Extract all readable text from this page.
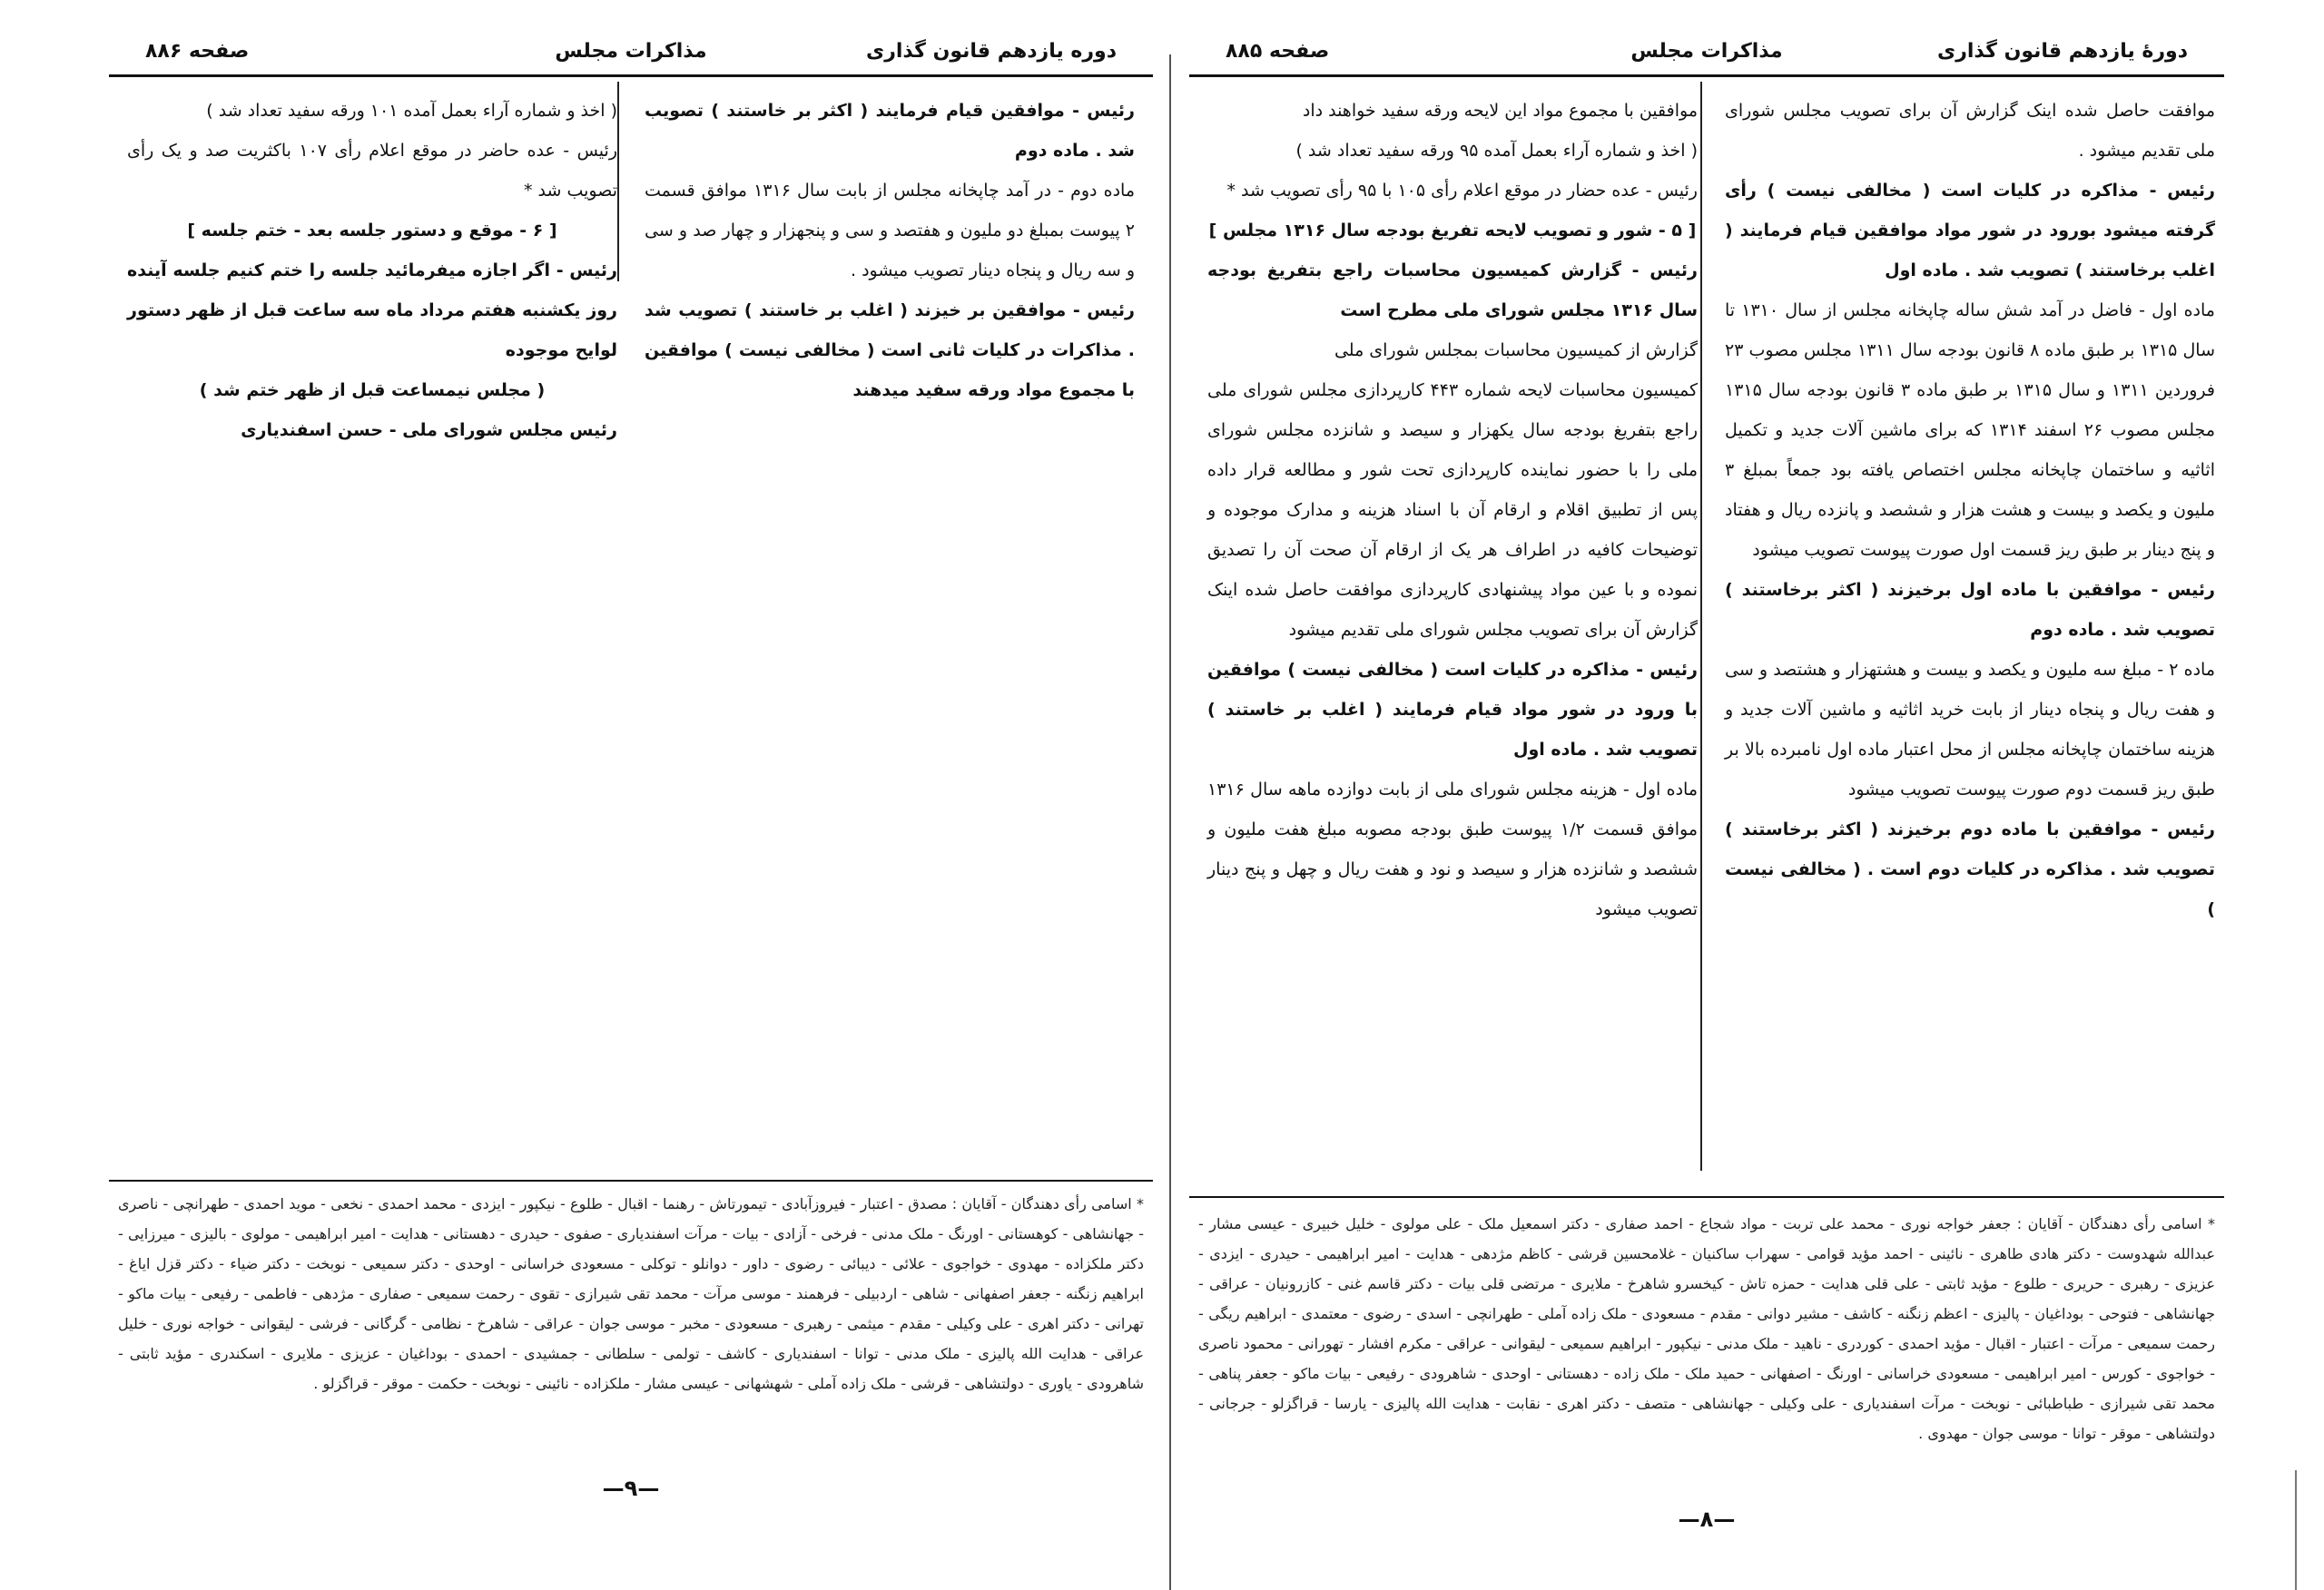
صفحه ۸۸۶	مذاکرات مجلس	دوره یازدهم قانون گذاری

رئیس - موافقین قیام فرمایند ( اکثر بر خاستند ) تصویب شد . ماده دوم

ماده دوم - در آمد چاپخانه مجلس از بابت سال ۱۳۱۶ موافق قسمت ۲ پیوست بمبلغ دو ملیون و هفتصد و سی و پنجهزار و چهار صد و سی و سه ریال و پنجاه دینار تصویب میشود .

رئیس - موافقین بر خیزند ( اغلب بر خاستند ) تصویب شد . مذاکرات در کلیات ثانی است ( مخالفی نیست ) موافقین با مجموع مواد ورقه سفید میدهند

( اخذ و شماره آراء بعمل آمده ۱۰۱ ورقه سفید تعداد شد )

رئیس - عده حاضر در موقع اعلام رأی ۱۰۷ باکثریت صد و یک رأی تصویب شد *

[ ۶ - موقع و دستور جلسه بعد - ختم جلسه ]

رئیس - اگر اجازه میفرمائید جلسه را ختم کنیم جلسه آینده روز یکشنبه هفتم مرداد ماه سه ساعت قبل از ظهر دستور لوایح موجوده

( مجلس نیمساعت قبل از ظهر ختم شد )

رئیس مجلس شورای ملی - حسن اسفندیاری

* اسامی رأی دهندگان - آقایان : مصدق - اعتبار - فیروزآبادی - تیمورتاش - رهنما - اقبال - طلوع - نیکپور - ایزدی - محمد احمدی - نخعی - موید احمدی - طهرانچی - ناصری - جهانشاهی - کوهستانی - اورنگ - ملک مدنی - فرخی - آزادی - بیات - مرآت اسفندیاری - صفوی - حیدری - دهستانی - هدایت - امیر ابراهیمی - مولوی - بالیزی - میرزایی - دکتر ملکزاده - مهدوی - خواجوی - علائی - دیبائی - رضوی - داور - دوانلو - توکلی - مسعودی خراسانی - اوحدی - دکتر سمیعی - نوبخت - دکتر ضیاء - دکتر قزل ایاغ - ابراهیم زنگنه - جعفر اصفهانی - شاهی - اردبیلی - فرهمند - موسی مرآت - محمد تقی شیرازی - تقوی - رحمت سمیعی - صفاری - مژدهی - فاطمی - رفیعی - بیات ماکو - تهرانی - دکتر اهری - علی وکیلی - مقدم - میثمی - رهبری - مسعودی - مخبر - موسی جوان - عراقی - شاهرخ - نظامی - گرگانی - فرشی - لیقوانی - خواجه نوری - خلیل عراقی - هدایت الله پالیزی - ملک مدنی - توانا - اسفندیاری - کاشف - تولمی - سلطانی - جمشیدی - احمدی - بوداغیان - عزیزی - ملایری - اسکندری - مؤید ثابتی - شاهرودی - یاوری - دولتشاهی - قرشی - ملک زاده آملی - شهشهانی - عیسی مشار - ملکزاده - نائینی - نوبخت - حکمت - موقر - قراگزلو .
—۹—
صفحه ۸۸۵	مذاکرات مجلس	دورهٔ یازدهم قانون گذاری

موافقت حاصل شده اینک گزارش آن برای تصویب مجلس شورای ملی تقدیم میشود .

رئیس - مذاکره در کلیات است ( مخالفی نیست ) رأی گرفته میشود بورود در شور مواد موافقین قیام فرمایند ( اغلب برخاستند ) تصویب شد . ماده اول

ماده اول - فاضل در آمد شش ساله چاپخانه مجلس از سال ۱۳۱۰ تا سال ۱۳۱۵ بر طبق ماده ۸ قانون بودجه سال ۱۳۱۱ مجلس مصوب ۲۳ فروردین ۱۳۱۱ و سال ۱۳۱۵ بر طبق ماده ۳ قانون بودجه سال ۱۳۱۵ مجلس مصوب ۲۶ اسفند ۱۳۱۴ که برای ماشین آلات جدید و تکمیل اثاثیه و ساختمان چاپخانه مجلس اختصاص یافته بود جمعاً بمبلغ ۳ ملیون و یکصد و بیست و هشت هزار و ششصد و پانزده ریال و هفتاد و پنج دینار بر طبق ریز قسمت اول صورت پیوست تصویب میشود

رئیس - موافقین با ماده اول برخیزند ( اکثر برخاستند ) تصویب شد . ماده دوم

ماده ۲ - مبلغ سه ملیون و یکصد و بیست و هشتهزار و هشتصد و سی و هفت ریال و پنجاه دینار از بابت خرید اثاثیه و ماشین آلات جدید و هزینه ساختمان چاپخانه مجلس از محل اعتبار ماده اول نامبرده بالا بر طبق ریز قسمت دوم صورت پیوست تصویب میشود

رئیس - موافقین با ماده دوم برخیزند ( اکثر برخاستند ) تصویب شد . مذاکره در کلیات دوم است . ( مخالفی نیست )

موافقین با مجموع مواد این لایحه ورقه سفید خواهند داد

( اخذ و شماره آراء بعمل آمده ۹۵ ورقه سفید تعداد شد )

رئیس - عده حضار در موقع اعلام رأی ۱۰۵ با ۹۵ رأی تصویب شد *

[ ۵ - شور و تصویب لایحه تفریغ بودجه سال ۱۳۱۶ مجلس ]

رئیس - گزارش کمیسیون محاسبات راجع بتفریغ بودجه سال ۱۳۱۶ مجلس شورای ملی مطرح است

گزارش از کمیسیون محاسبات بمجلس شورای ملی

کمیسیون محاسبات لایحه شماره ۴۴۳ کارپردازی مجلس شورای ملی راجع بتفریغ بودجه سال یکهزار و سیصد و شانزده مجلس شورای ملی را با حضور نماینده کارپردازی تحت شور و مطالعه قرار داده پس از تطبیق اقلام و ارقام آن با اسناد هزینه و مدارک موجوده و توضیحات کافیه در اطراف هر یک از ارقام آن صحت آن را تصدیق نموده و با عین مواد پیشنهادی کارپردازی موافقت حاصل شده اینک گزارش آن برای تصویب مجلس شورای ملی تقدیم میشود

رئیس - مذاکره در کلیات است ( مخالفی نیست ) موافقین با ورود در شور مواد قیام فرمایند ( اغلب بر خاستند ) تصویب شد . ماده اول

ماده اول - هزینه مجلس شورای ملی از بابت دوازده ماهه سال ۱۳۱۶ موافق قسمت ۱/۲ پیوست طبق بودجه مصوبه مبلغ هفت ملیون و ششصد و شانزده هزار و سیصد و نود و هفت ریال و چهل و پنج دینار تصویب میشود

* اسامی رأی دهندگان - آقایان : جعفر خواجه نوری - محمد علی تربت - مواد شجاع - احمد صفاری - دکتر اسمعیل ملک - علی مولوی - خلیل خبیری - عیسی مشار - عبدالله شهدوست - دکتر هادی طاهری - نائینی - احمد مؤید قوامی - سهراب ساکنیان - غلامحسین قرشی - کاظم مژدهی - هدایت - امیر ابراهیمی - حیدری - ایزدی - عزیزی - رهبری - حریری - طلوع - مؤید ثابتی - علی قلی هدایت - حمزه تاش - کیخسرو شاهرخ - ملایری - مرتضی قلی بیات - دکتر قاسم غنی - کازرونیان - عراقی - جهانشاهی - فتوحی - بوداغیان - پالیزی - اعظم زنگنه - کاشف - مشیر دوانی - مقدم - مسعودی - ملک زاده آملی - طهرانچی - اسدی - رضوی - معتمدی - ابراهیم ریگی - رحمت سمیعی - مرآت - اعتبار - اقبال - مؤید احمدی - کوردری - ناهید - ملک مدنی - نیکپور - ابراهیم سمیعی - لیقوانی - عراقی - مکرم افشار - تهورانی - محمود ناصری - خواجوی - کورس - امیر ابراهیمی - مسعودی خراسانی - اورنگ - اصفهانی - حمید ملک - ملک زاده - دهستانی - اوحدی - شاهرودی - رفیعی - بیات ماکو - جعفر پناهی - محمد تقی شیرازی - طباطبائی - نوبخت - مرآت اسفندیاری - علی وکیلی - جهانشاهی - متصف - دکتر اهری - نقابت - هدایت الله پالیزی - یارسا - قراگزلو - جرجانی - دولتشاهی - موقر - توانا - موسی جوان - مهدوی .
—۸—
